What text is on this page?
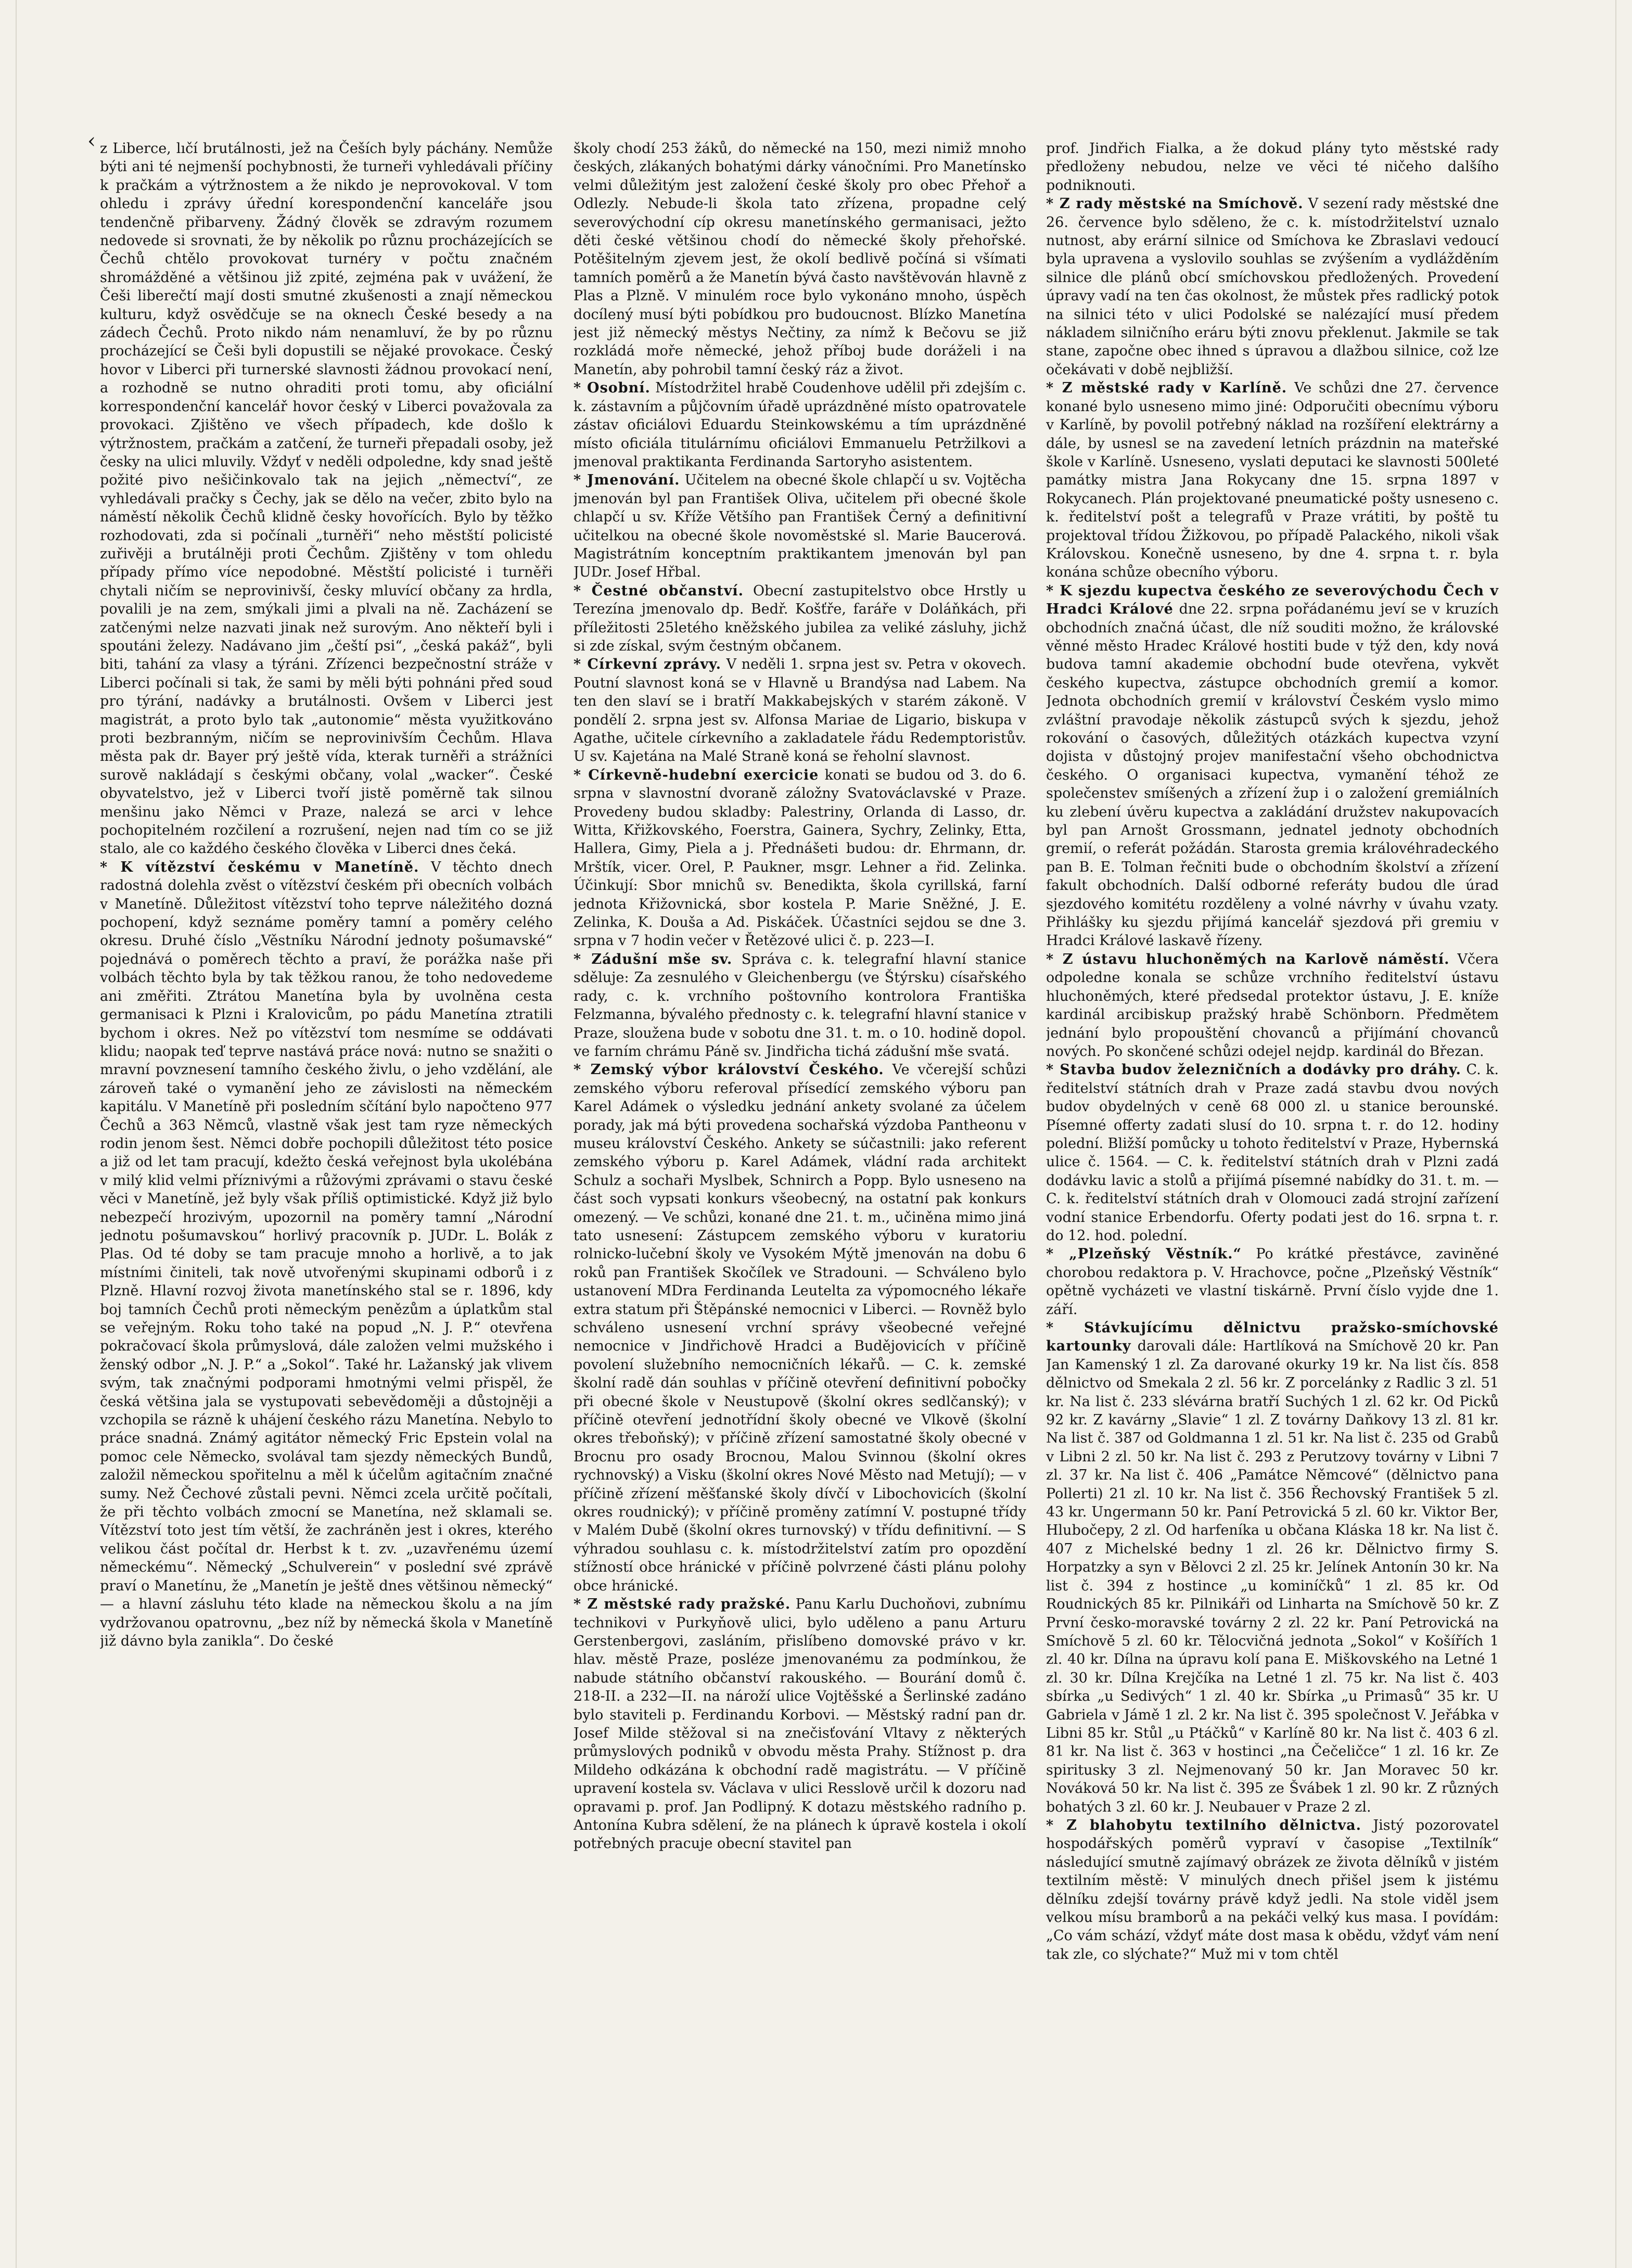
‹ z Liberce, lıčí brutálnosti, jež na Češích byly páchány. Nemůže býti ani té nejmenší pochybnosti, že turneři vyhledávali příčiny k pračkám a výtržnostem a že nikdo je neprovokoval. V tom ohledu i zprávy úřední korespondenční kanceláře jsou tendenčně přibarveny. Žádný člověk se zdravým rozumem nedovede si srovnati, že by několik po různu procházejících se Čechů chtělo provokovat turnéry v počtu značném shromážděné a většinou již zpité, zejména pak v uvážení, že Češi liberečtí mají dosti smutné zkušenosti a znají německou kulturu, když osvědčuje se na okneclı České besedy a na zádech Čechů. Proto nikdo nám nenamluví, že by po různu procházející se Češi byli dopustili se nějaké provokace. Český hovor v Liberci při turnerské slavnosti žádnou provokací není, a rozhodně se nutno ohraditi proti tomu, aby oficiální korrespondenční kancelář hovor český v Liberci považovala za provokaci. Zjištěno ve všech případech, kde došlo k výtržnostem, pračkám a zatčení, že turneři přepadali osoby, jež česky na ulici mluvily. Vždyť v neděli odpoledne, kdy snad ještě požité pivo nešičinkovalo tak na jejich „němectví“, ze vyhledávali pračky s Čechy, jak se dělo na večer, zbito bylo na náměstí několik Čechů klidně česky hovořících. Bylo by těžko rozhodovati, zda si počínali „turněři“ neho městští policisté zuřivěji a brutálněji proti Čechům. Zjištěny v tom ohledu případy přímo více nepodobné. Městští policisté i turněři chytali ničím se neprovinivší, česky mluvící občany za hrdla, povalili je na zem, smýkali jimi a plvali na ně. Zacházení se zatčenými nelze nazvati jinak než surovým. Ano někteří byli i spoutáni železy. Nadávano jim „čeští psi“, „česká pakáž“, byli biti, tahání za vlasy a týráni. Zřízenci bezpečnostní stráže v Liberci počínali si tak, že sami by měli býti pohnáni před soud pro týrání, nadávky a brutálnosti. Ovšem v Liberci jest magistrát, a proto bylo tak „autonomie“ města využitkováno proti bezbranným, ničím se neprovinivším Čechům. Hlava města pak dr. Bayer prý ještě vída, kterak turněři a strážníci surově nakládají s českými občany, volal „wacker“. České obyvatelstvo, jež v Liberci tvoří jistě poměrně tak silnou menšinu jako Němci v Praze, nalezá se arci v lehce pochopitelném rozčilení a rozrušení, nejen nad tím co se již stalo, ale co každého českého člověka v Liberci dnes čeká.

* K vítězství českému v Manetíně. V těchto dnech radostná dolehla zvěst o vítězství českém při obecních volbách v Manetíně. Důležitost vítězství toho teprve náležitého dozná pochopení, když seznáme poměry tamní a poměry celého okresu. Druhé číslo „Věstníku Národní jednoty pošumavské“ pojednává o poměrech těchto a praví, že porážka naše při volbách těchto byla by tak těžkou ranou, že toho nedovedeme ani změřiti. Ztrátou Manetína byla by uvolněna cesta germanisaci k Plzni i Kralovicům, po pádu Manetína ztratili bychom i okres. Než po vítězství tom nesmíme se oddávati klidu; naopak teď teprve nastává práce nová: nutno se snažiti o mravní povznesení tamního českého živlu, o jeho vzdělání, ale zároveň také o vymanění jeho ze závislosti na německém kapitálu. V Manetíně při posledním sčítání bylo napočteno 977 Čechů a 363 Němců, vlastně však jest tam ryze německých rodin jenom šest. Němci dobře pochopili důležitost této posice a již od let tam pracují, kdežto česká veřejnost byla ukolébána v milý klid velmi příznivými a růžovými zprávami o stavu české věci v Manetíně, jež byly však příliš optimistické. Když již bylo nebezpečí hrozivým, upozornil na poměry tamní „Národní jednotu pošumavskou“ horlivý pracovník p. JUDr. L. Bolák z Plas. Od té doby se tam pracuje mnoho a horlivě, a to jak místními činiteli, tak nově utvořenými skupinami odborů i z Plzně. Hlavní rozvoj života manetínského stal se r. 1896, kdy boj tamních Čechů proti německým penězům a úplatkům stal se veřejným. Roku toho také na popud „N. J. P.“ otevřena pokračovací škola průmyslová, dále založen velmi mužského i ženský odbor „N. J. P.“ a „Sokol“. Také hr. Lažanský jak vlivem svým, tak značnými podporami hmotnými velmi přispěl, že česká většina jala se vystupovati sebevědoměji a důstojněji a vzchopila se rázně k uhájení českého rázu Manetína. Nebylo to práce snadná. Známý agitátor německý Fric Epstein volal na pomoc cele Německo, svolával tam sjezdy německých Bundů, založil německou spořitelnu a měl k účelům agitačním značné sumy. Než Čechové zůstali pevni. Němci zcela určitě počítali, že při těchto volbách zmocní se Manetína, než sklamali se. Vítězství toto jest tím větší, že zachráněn jest i okres, kterého velikou část počítal dr. Herbst k t. zv. „uzavřenému území německému“. Německý „Schulverein“ v poslední své zprávě praví o Manetínu, že „Manetín je ještě dnes většinou německý“ — a hlavní zásluhu této klade na německou školu a na jím vydržovanou opatrovnu, „bez níž by německá škola v Manetíně již dávno byla zanikla“. Do české

školy chodí 253 žáků, do německé na 150, mezi nimiž mnoho českých, zlákaných bohatými dárky vánočními. Pro Manetínsko velmi důležitým jest založení české školy pro obec Přehoř a Odlezly. Nebude-li škola tato zřízena, propadne celý severovýchodní cíp okresu manetínského germanisaci, ježto děti české většinou chodí do německé školy přehořské. Potěšitelným zjevem jest, že okolí bedlivě počíná si všímati tamních poměrů a že Manetín bývá často navštěvován hlavně z Plas a Plzně. V minulém roce bylo vykonáno mnoho, úspěch docílený musí býti pobídkou pro budoucnost. Blízko Manetína jest již německý městys Nečtiny, za nímž k Bečovu se již rozkládá moře německé, jehož příboj bude doráželi i na Manetín, aby pohrobil tamní český ráz a život.

* Osobní. Místodržitel hrabě Coudenhove udělil při zdejším c. k. zástavním a půjčovním úřadě uprázdněné místo opatrovatele zástav oficiálovi Eduardu Steinkowskému a tím uprázdněné místo oficiála titulárnímu oficiálovi Emmanuelu Petržilkovi a jmenoval praktikanta Ferdinanda Sartoryho asistentem.

* Jmenování. Učitelem na obecné škole chlapčí u sv. Vojtěcha jmenován byl pan František Oliva, učitelem při obecné škole chlapčí u sv. Kříže Většího pan František Černý a definitivní učitelkou na obecné škole novoměstské sl. Marie Baucerová. Magistrátním konceptním praktikantem jmenován byl pan JUDr. Josef Hřbal.

* Čestné občanství. Obecní zastupitelstvo obce Hrstly u Terezína jmenovalo dp. Bedř. Košťře, faráře v Doláňkách, při příležitosti 25letého kněžského jubilea za veliké zásluhy, jichž si zde získal, svým čestným občanem.

* Církevní zprávy. V neděli 1. srpna jest sv. Petra v okovech. Poutní slavnost koná se v Hlavně u Brandýsa nad Labem. Na ten den slaví se i bratří Makkabejských v starém zákoně. V pondělí 2. srpna jest sv. Alfonsa Mariae de Ligario, biskupa v Agathe, učitele církevního a zakladatele řádu Redemptoristův. U sv. Kajetána na Malé Straně koná se řeholní slavnost.

* Církevně-hudební exercicie konati se budou od 3. do 6. srpna v slavnostní dvoraně záložny Svatováclavské v Praze. Provedeny budou skladby: Palestriny, Orlanda di Lasso, dr. Witta, Křižkovského, Foerstra, Gainera, Sychry, Zelinky, Etta, Hallera, Gimy, Piela a j. Přednášeti budou: dr. Ehrmann, dr. Mrštík, vicer. Orel, P. Paukner, msgr. Lehner a řid. Zelinka. Účinkují: Sbor mnichů sv. Benedikta, škola cyrillská, farní jednota Křižovnická, sbor kostela P. Marie Sněžné, J. E. Zelinka, K. Douša a Ad. Piskáček. Účastníci sejdou se dne 3. srpna v 7 hodin večer v Řetězové ulici č. p. 223—I.

* Zádušní mše sv. Správa c. k. telegrafní hlavní stanice sděluje: Za zesnulého v Gleichenbergu (ve Štýrsku) císařského rady, c. k. vrchního poštovního kontrolora Františka Felzmanna, bývalého přednosty c. k. telegrafní hlavní stanice v Praze, sloužena bude v sobotu dne 31. t. m. o 10. hodině dopol. ve farním chrámu Páně sv. Jindřicha tichá zádušní mše svatá.

* Zemský výbor království Českého. Ve včerejší schůzi zemského výboru referoval přísedící zemského výboru pan Karel Adámek o výsledku jednání ankety svolané za účelem porady, jak má býti provedena sochařská výzdoba Pantheonu v museu království Českého. Ankety se súčastnili: jako referent zemského výboru p. Karel Adámek, vládní rada architekt Schulz a sochaři Myslbek, Schnirch a Popp. Bylo usneseno na část soch vypsati konkurs všeobecný, na ostatní pak konkurs omezený. — Ve schůzi, konané dne 21. t. m., učiněna mimo jiná tato usnesení: Zástupcem zemského výboru v kuratoriu rolnicko-lučební školy ve Vysokém Mýtě jmenován na dobu 6 roků pan František Skočílek ve Stradouni. — Schváleno bylo ustanovení MDra Ferdinanda Leutelta za výpomocného lékaře extra statum při Štěpánské nemocnici v Liberci. — Rovněž bylo schváleno usnesení vrchní správy všeobecné veřejné nemocnice v Jindřichově Hradci a Budějovicích v příčině povolení služebního nemocničních lékařů. — C. k. zemské školní radě dán souhlas v příčině otevření definitivní pobočky při obecné škole v Neustupově (školní okres sedlčanský); v příčině otevření jednotřídní školy obecné ve Vlkově (školní okres třeboňský); v příčině zřízení samostatné školy obecné v Brocnu pro osady Brocnou, Malou Svinnou (školní okres rychnovský) a Visku (školní okres Nové Město nad Metují); — v příčině zřízení měšťanské školy dívčí v Libochovicích (školní okres roudnický); v příčině proměny zatímní V. postupné třídy v Malém Dubě (školní okres turnovský) v třídu definitivní. — S výhradou souhlasu c. k. místodržitelství zatím pro opozdění stížností obce hránické v příčině polvrzené části plánu polohy obce hránické.

* Z městské rady pražské. Panu Karlu Duchoňovi, zubnímu technikovi v Purkyňově ulici, bylo uděleno a panu Arturu Gerstenbergovi, zasláním, přislíbeno domovské právo v kr. hlav. městě Praze, posléze jmenovanému za podmínkou, že nabude státního občanství rakouského. — Bourání domů č. 218-II. a 232—II. na nároží ulice Vojtěšské a Šerlinské zadáno bylo staviteli p. Ferdinandu Korbovi. — Městský radní pan dr. Josef Milde stěžoval si na znečisťování Vltavy z některých průmyslových podniků v obvodu města Prahy. Stížnost p. dra Mildeho odkázána k obchodní radě magistrátu. — V příčině upravení kostela sv. Václava v ulici Resslově určil k dozoru nad opravami p. prof. Jan Podlipný. K dotazu městského radního p. Antonína Kubra sdělení, že na plánech k úpravě kostela i okolí potřebných pracuje obecní stavitel pan

prof. Jindřich Fialka, a že dokud plány tyto městské rady předloženy nebudou, nelze ve věci té ničeho dalšího podniknouti.

* Z rady městské na Smíchově. V sezení rady městské dne 26. července bylo sděleno, že c. k. místodržitelství uznalo nutnost, aby erární silnice od Smíchova ke Zbraslavi vedoucí byla upravena a vyslovilo souhlas se zvýšením a vydlážděním silnice dle plánů obcí smíchovskou předložených. Provedení úpravy vadí na ten čas okolnost, že můstek přes radlický potok na silnici této v ulici Podolské se nalézající musí předem nákladem silničního eráru býti znovu překlenut. Jakmile se tak stane, započne obec ihned s úpravou a dlažbou silnice, což lze očekávati v době nejbližší.

* Z městské rady v Karlíně. Ve schůzi dne 27. července konané bylo usneseno mimo jiné: Odporučiti obecnímu výboru v Karlíně, by povolil potřebný náklad na rozšíření elektrárny a dále, by usnesl se na zavedení letních prázdnin na mateřské škole v Karlíně. Usneseno, vyslati deputaci ke slavnosti 500leté památky mistra Jana Rokycany dne 15. srpna 1897 v Rokycanech. Plán projektované pneumatické pošty usneseno c. k. ředitelství pošt a telegrafů v Praze vrátiti, by poště tu projektoval třídou Žižkovou, po případě Palackého, nikoli však Královskou. Konečně usneseno, by dne 4. srpna t. r. byla konána schůze obecního výboru.

* K sjezdu kupectva českého ze severovýchodu Čech v Hradci Králové dne 22. srpna pořádanému jeví se v kruzích obchodních značná účast, dle níž souditi možno, že královské věnné město Hradec Králové hostiti bude v týž den, kdy nová budova tamní akademie obchodní bude otevřena, vykvět českého kupectva, zástupce obchodních gremií a komor. Jednota obchodních gremií v království Českém vyslo mimo zvláštní pravodaje několik zástupců svých k sjezdu, jehož rokování o časových, důležitých otázkách kupectva vzyní dojista v důstojný projev manifestační všeho obchodnictva českého. O organisaci kupectva, vymanění téhož ze společenstev smíšených a zřízení žup i o založení gremiálních ku zlebení úvěru kupectva a zakládání družstev nakupovacích byl pan Arnošt Grossmann, jednatel jednoty obchodních gremií, o referát požádán. Starosta gremia královéhradeckého pan B. E. Tolman řečniti bude o obchodním školství a zřízení fakult obchodních. Další odborné referáty budou dle úrad sjezdového komitétu rozděleny a volné návrhy v úvahu vzaty. Přihlášky ku sjezdu přijímá kancelář sjezdová při gremiu v Hradci Králové laskavě řízeny.

* Z ústavu hluchoněmých na Karlově náměstí. Včera odpoledne konala se schůze vrchního ředitelství ústavu hluchoněmých, které předsedal protektor ústavu, J. E. kníže kardinál arcibiskup pražský hrabě Schönborn. Předmětem jednání bylo propouštění chovanců a přijímání chovanců nových. Po skončené schůzi odejel nejdp. kardinál do Březan.

* Stavba budov železničních a dodávky pro dráhy. C. k. ředitelství státních drah v Praze zadá stavbu dvou nových budov obydelných v ceně 68 000 zl. u stanice berounské. Písemné offerty zadati slusí do 10. srpna t. r. do 12. hodiny polední. Bližší pomůcky u tohoto ředitelství v Praze, Hybernská ulice č. 1564. — C. k. ředitelství státních drah v Plzni zadá dodávku lavic a stolů a přijímá písemné nabídky do 31. t. m. — C. k. ředitelství státních drah v Olomouci zadá strojní zařízení vodní stanice Erbendorfu. Oferty podati jest do 16. srpna t. r. do 12. hod. polední.

* „Plzeňský Věstník.“ Po krátké přestávce, zaviněné chorobou redaktora p. V. Hrachovce, počne „Plzeňský Věstník“ opětně vycházeti ve vlastní tiskárně. První číslo vyjde dne 1. září.

* Stávkujícímu dělnictvu pražsko-smíchovské kartounky darovali dále: Hartlíková na Smíchově 20 kr. Pan Jan Kamenský 1 zl. Za darované okurky 19 kr. Na list čís. 858 dělnictvo od Smekala 2 zl. 56 kr. Z porcelánky z Radlic 3 zl. 51 kr. Na list č. 233 slévárna bratří Suchých 1 zl. 62 kr. Od Picků 92 kr. Z kavárny „Slavie“ 1 zl. Z továrny Daňkovy 13 zl. 81 kr. Na list č. 387 od Goldmanna 1 zl. 51 kr. Na list č. 235 od Grabů v Libni 2 zl. 50 kr. Na list č. 293 z Perutzovy továrny v Libni 7 zl. 37 kr. Na list č. 406 „Památce Němcové“ (dělnictvo pana Pollerti) 21 zl. 10 kr. Na list č. 356 Řechovský František 5 zl. 43 kr. Ungermann 50 kr. Paní Petrovická 5 zl. 60 kr. Viktor Ber, Hlubočepy, 2 zl. Od harfeníka u občana Kláska 18 kr. Na list č. 407 z Michelské bedny 1 zl. 26 kr. Dělnictvo firmy S. Horpatzky a syn v Bělovci 2 zl. 25 kr. Jelínek Antonín 30 kr. Na list č. 394 z hostince „u kominíčků“ 1 zl. 85 kr. Od Roudnických 85 kr. Pilnikáři od Linharta na Smíchově 50 kr. Z První česko-moravské továrny 2 zl. 22 kr. Paní Petrovická na Smíchově 5 zl. 60 kr. Tělocvičná jednota „Sokol“ v Košířích 1 zl. 40 kr. Dílna na úpravu kolí pana E. Miškovského na Letné 1 zl. 30 kr. Dílna Krejčíka na Letné 1 zl. 75 kr. Na list č. 403 sbírka „u Sedivých“ 1 zl. 40 kr. Sbírka „u Primasů“ 35 kr. U Gabriela v Jámě 1 zl. 2 kr. Na list č. 395 společnost V. Jeřábka v Libni 85 kr. Stůl „u Ptáčků“ v Karlíně 80 kr. Na list č. 403 6 zl. 81 kr. Na list č. 363 v hostinci „na Čečeličce“ 1 zl. 16 kr. Ze spiritusky 3 zl. Nejmenovaný 50 kr. Jan Moravec 50 kr. Nováková 50 kr. Na list č. 395 ze Švábek 1 zl. 90 kr. Z různých bohatých 3 zl. 60 kr. J. Neubauer v Praze 2 zl.

* Z blahobytu textilního dělnictva. Jistý pozorovatel hospodářských poměrů vypraví v časopise „Textilník“ následující smutně zajímavý obrázek ze života dělníků v jistém textilním městě: V minulých dnech přišel jsem k jistému dělníku zdejší továrny právě když jedli. Na stole viděl jsem velkou mísu bramborů a na pekáči velký kus masa. I povídám: „Co vám schází, vždyť máte dost masa k obědu, vždyť vám není tak zle, co slýchate?“ Muž mi v tom chtěl
